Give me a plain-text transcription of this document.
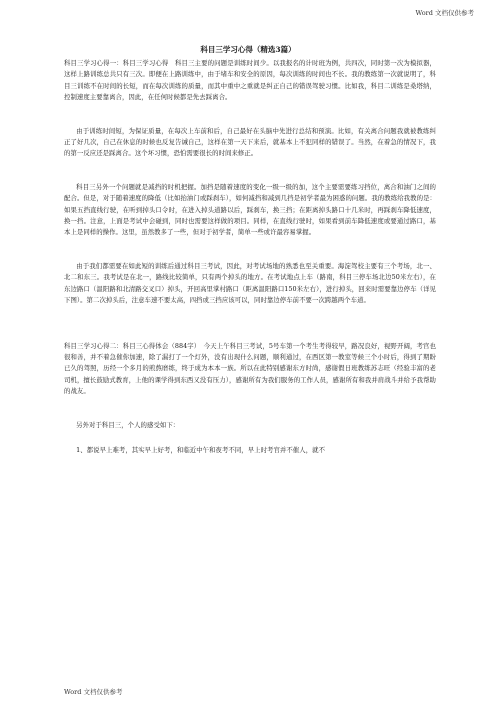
Word 文档仅供参考
科目三学习心得（精选3篇）

科目三学习心得一：科目三学习心得　科目三主要的问题是训练时间少。以我报名的计时班为例，共四次，同时第一次为模拟器，这样上路训练总共只有三次。即便在上路训练中，由于堵车和安全的原因，每次训练的时间也不长。我的教练第一次就说明了，科目三训练不在时间的长短，而在每次训练的质量，而其中重中之重就是纠正自己的错误驾驶习惯。比如我，科目二训练是桑塔纳，控制速度主要靠离合，因此，在任何时候都是先去踩离合。

由于训练时间短，为保证质量，在每次上车前和后，自己最好在头脑中先进行总结和预演。比如，有关离合问题我就被教练纠正了好几次，自己在休息的时候也反复告诫自己，这样在第一天下来后，就基本上不犯同样的错误了。当然，在着急的情况下，我的第一反应还是踩离合。这个坏习惯，恐怕需要很长的时间来修正。

科目三另外一个问题就是减挡的时机把握。加挡是随着速度的变化一级一级的加，这个主要需要练习挡位，离合和油门之间的配合。但是，对于随着速度的降低（比如抬油门或踩刹车），如何减挡和减到几挡是初学者最为困惑的问题。我的教练给我教的是：如果五挡直线行驶，在听到掉头口令时，在进入掉头道路以后，踩刹车，换三挡；在距离掉头路口十几米时，再踩刹车降低速度，换一挡。注意，上面是考试中会碰到，同时也需要这样做的项目。同样，在直线行驶时，如果看到前车降低速度或要通过路口，基本上是同样的操作。这里，虽然教多了一些，但对于初学者，简单一些或许最容易掌握。

由于我们都需要在如此短的训练后通过科目三考试，因此，对考试场地的熟悉也至关重要。海淀驾校主要有三个考场，北一、北二和东三。我考试是在北一，路线比较简单，只有两个掉头的地方。在考试地点上车（路南，科目三停车场北边50米左右），在东边路口（温阳路和北清路交叉口）掉头，开回高里掌村路口（距离温阳路口150米左右），进行掉头，回来时需要靠边停车（详见下图）。第二次掉头后，注意车速不要太高，四挡或三挡应该可以，同时靠边停车前不要一次跨越两个车道。

科目三学习心得二：科目三心得体会（884字）　今天上午科目三考试，5号车第一个考生考得较早，路况良好，视野开阔，考官也很和善，并不着急催你加速，除了漏打了一个灯外，没有出现什么问题，顺利通过，在西区第一教室等候三个小时后，得到了期盼已久的驾照，历经一个多月的煎熬磨练，终于成为本本一族。所以在此特别感谢东方时尚，感谢假日班教练苏志旺（经验丰富的老司机，擅长鼓励式教育，上他的课学得到东西又没有压力），感谢所有为我们服务的工作人员，感谢所有和我并肩战斗并给予我帮助的战友。

另外对于科目三，个人的感受如下：

1、都说早上难考，其实早上好考，和临近中午和夜考不同，早上时考官并不催人，就不

Word 文档仅供参考
